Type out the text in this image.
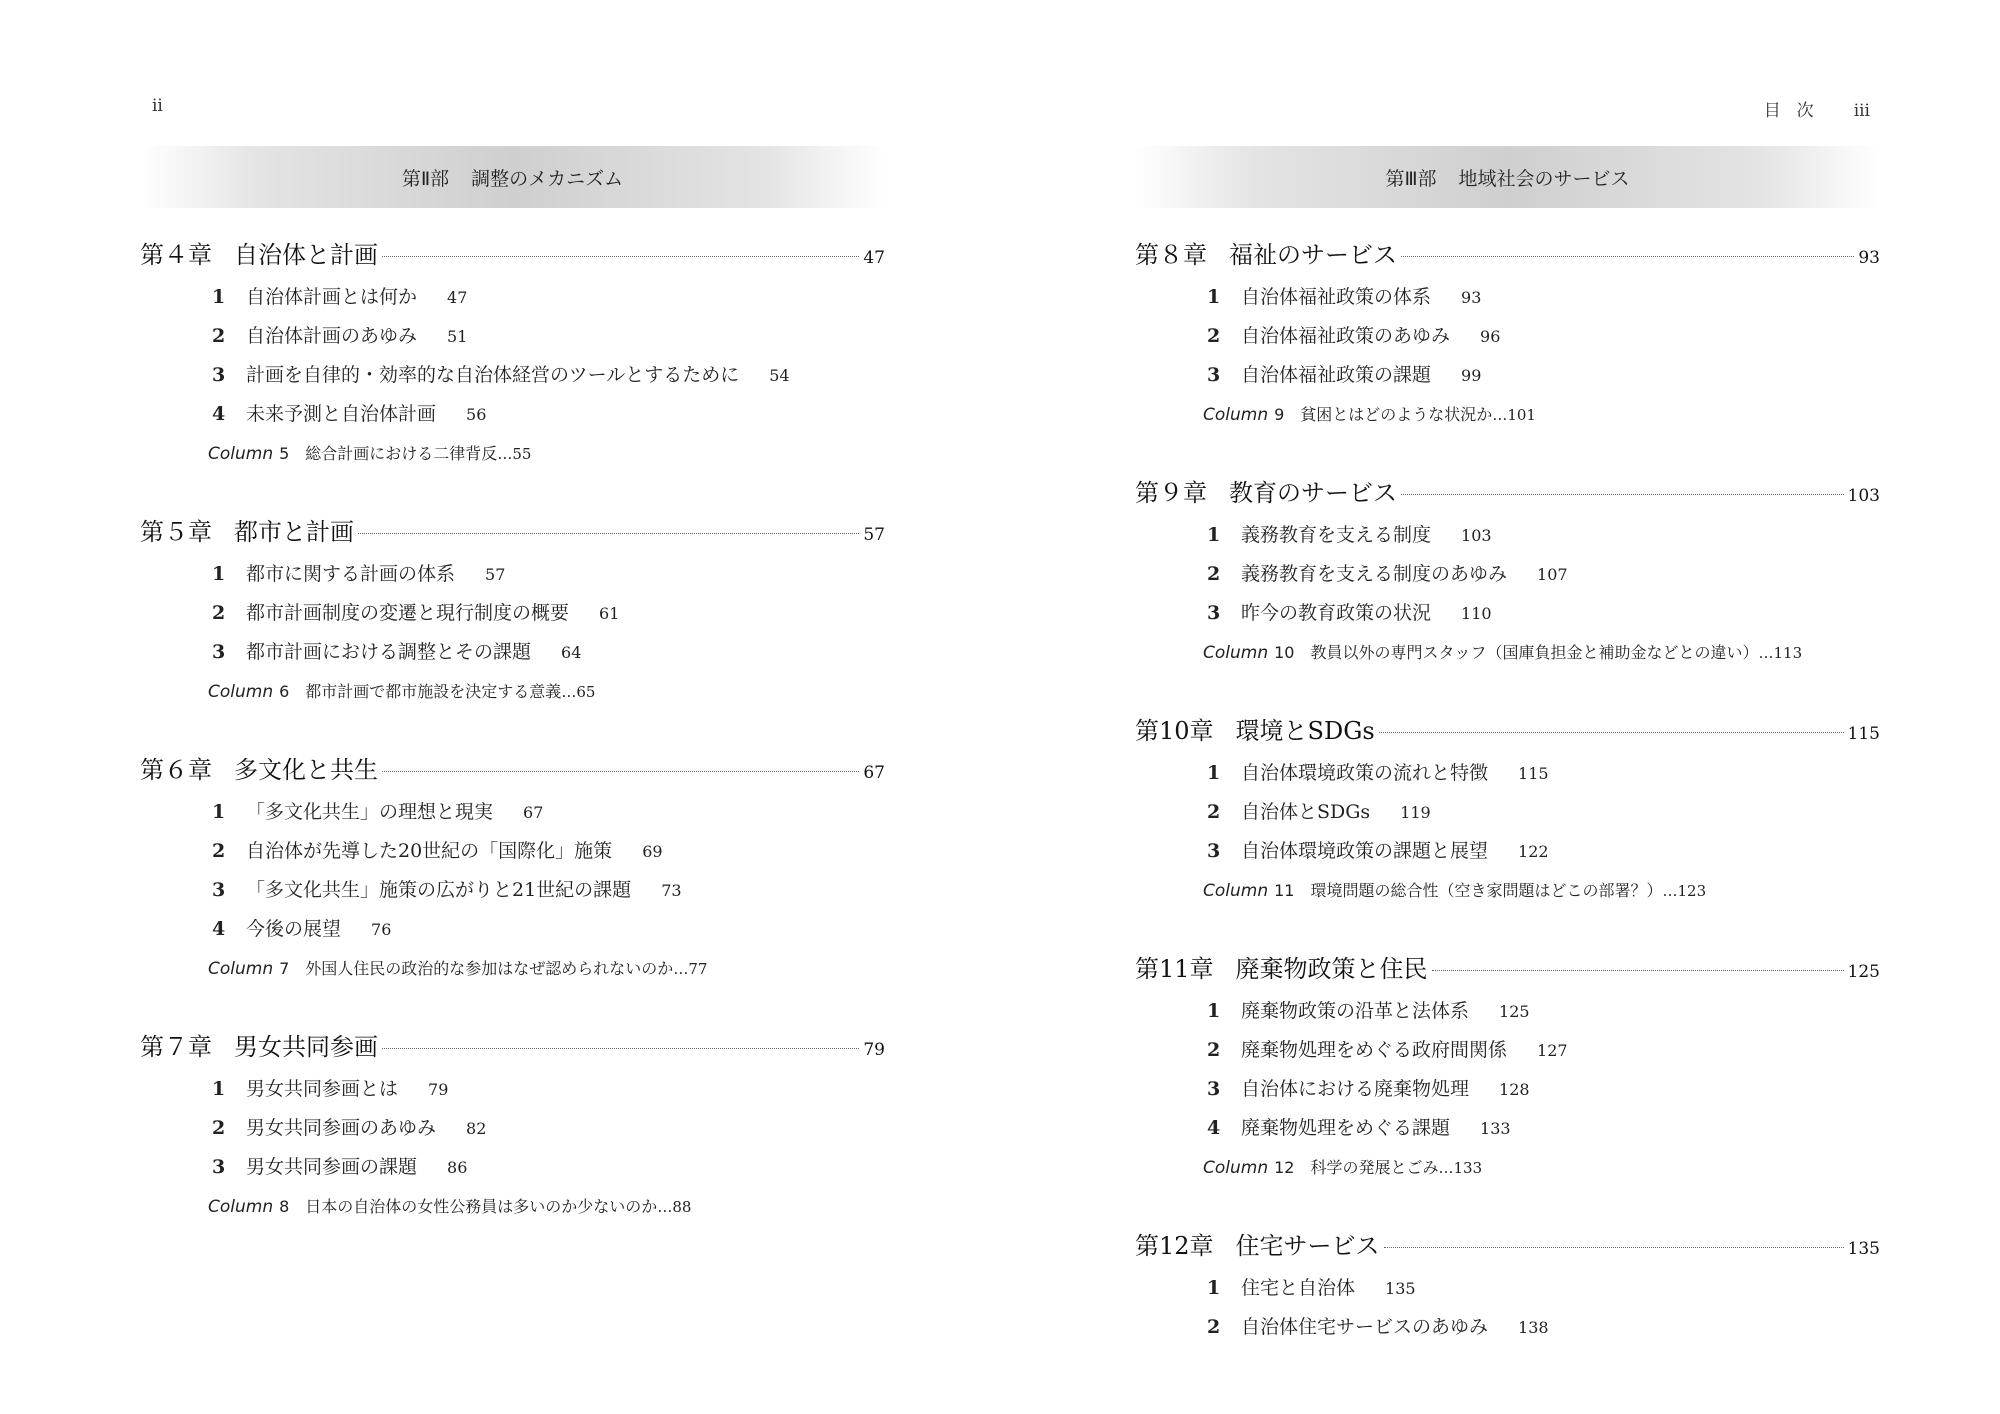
ii
第Ⅱ部 調整のメカニズム
第４章 自治体と計画	47
1 自治体計画とは何か 47
2 自治体計画のあゆみ 51
3 計画を自律的・効率的な自治体経営のツールとするために 54
4 未来予測と自治体計画 56
Column 5 総合計画における二律背反…55
第５章 都市と計画	57
1 都市に関する計画の体系 57
2 都市計画制度の変遷と現行制度の概要 61
3 都市計画における調整とその課題 64
Column 6 都市計画で都市施設を決定する意義…65
第６章 多文化と共生	67
1 「多文化共生」の理想と現実 67
2 自治体が先導した20世紀の「国際化」施策 69
3 「多文化共生」施策の広がりと21世紀の課題 73
4 今後の展望 76
Column 7 外国人住民の政治的な参加はなぜ認められないのか…77
第７章 男女共同参画	79
1 男女共同参画とは 79
2 男女共同参画のあゆみ 82
3 男女共同参画の課題 86
Column 8 日本の自治体の女性公務員は多いのか少ないのか…88
目次 iii
第Ⅲ部 地域社会のサービス
第８章 福祉のサービス	93
1 自治体福祉政策の体系 93
2 自治体福祉政策のあゆみ 96
3 自治体福祉政策の課題 99
Column 9 貧困とはどのような状況か…101
第９章 教育のサービス	103
1 義務教育を支える制度 103
2 義務教育を支える制度のあゆみ 107
3 昨今の教育政策の状況 110
Column 10 教員以外の専門スタッフ（国庫負担金と補助金などとの違い）…113
第10章 環境とSDGs	115
1 自治体環境政策の流れと特徴 115
2 自治体とSDGs 119
3 自治体環境政策の課題と展望 122
Column 11 環境問題の総合性（空き家問題はどこの部署？）…123
第11章 廃棄物政策と住民	125
1 廃棄物政策の沿革と法体系 125
2 廃棄物処理をめぐる政府間関係 127
3 自治体における廃棄物処理 128
4 廃棄物処理をめぐる課題 133
Column 12 科学の発展とごみ…133
第12章 住宅サービス	135
1 住宅と自治体 135
2 自治体住宅サービスのあゆみ 138
